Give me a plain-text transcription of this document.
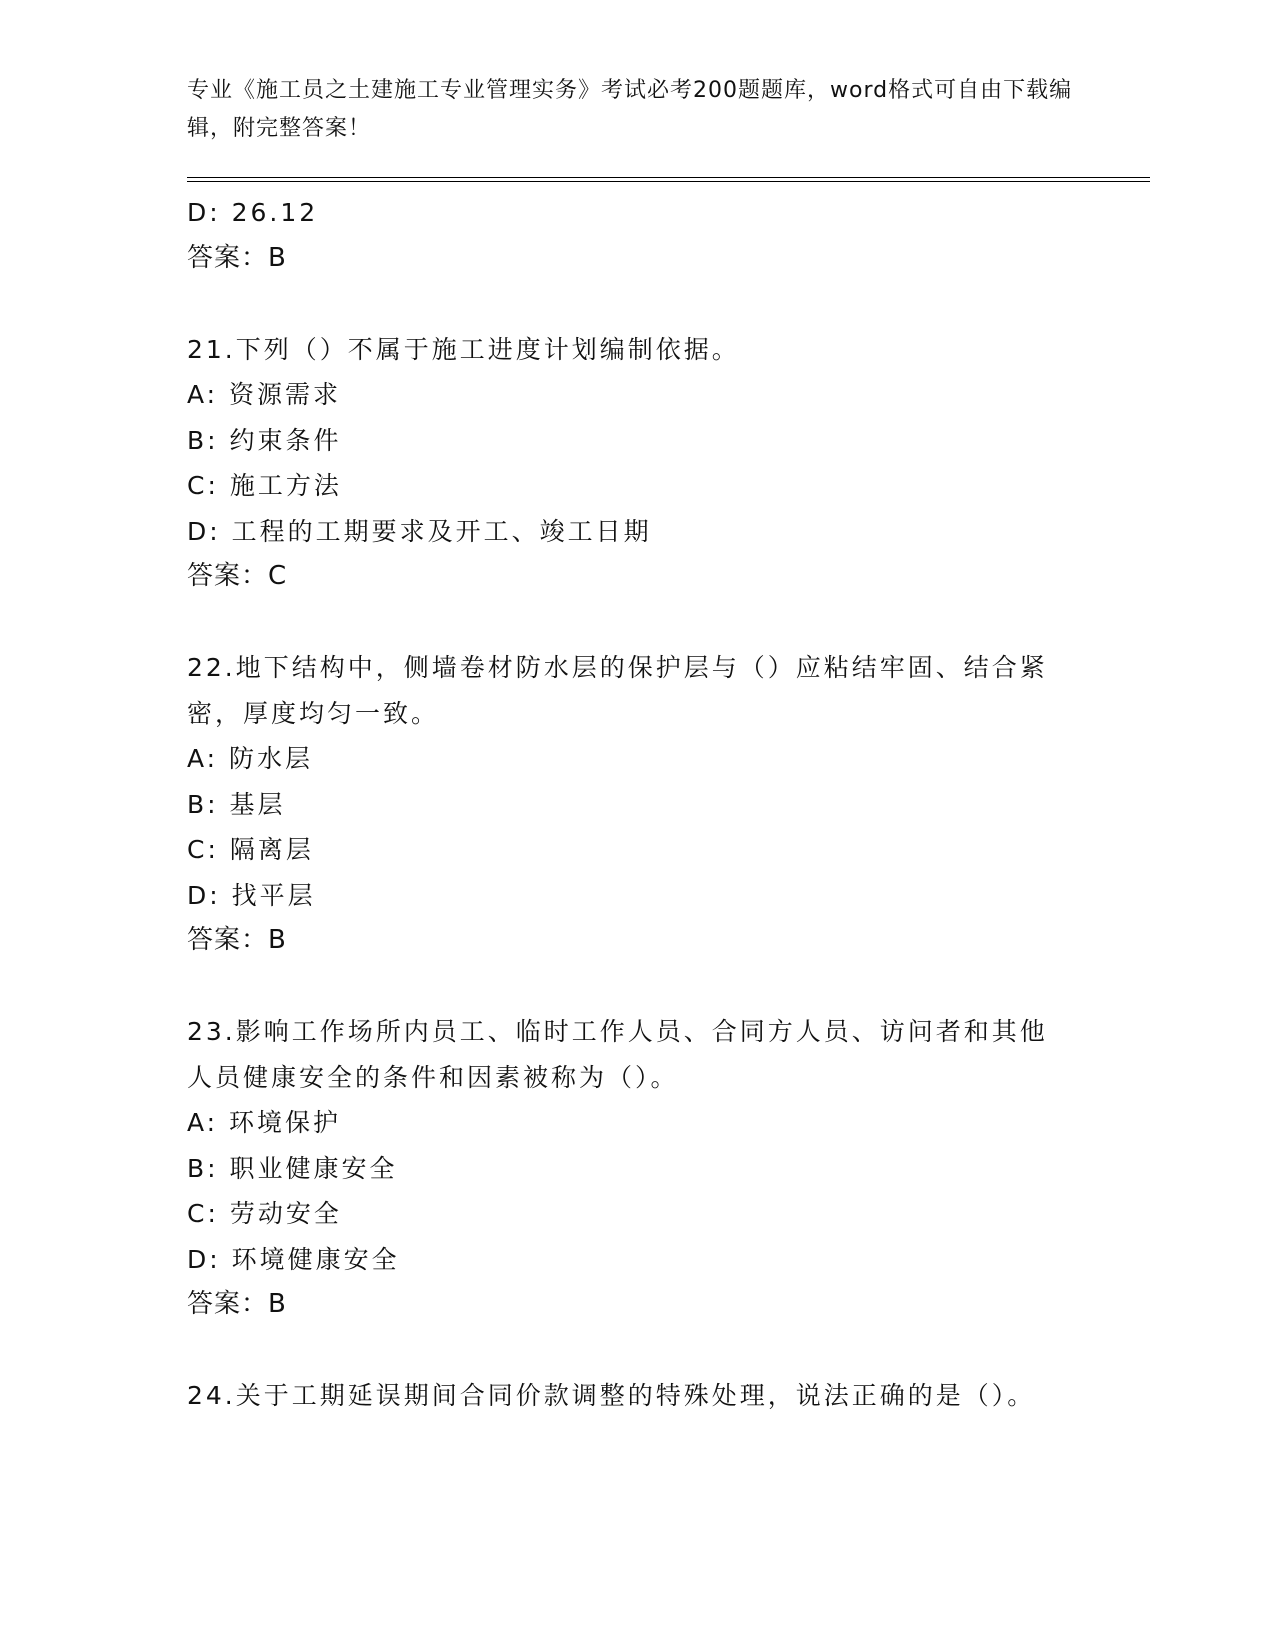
专业《施工员之土建施工专业管理实务》考试必考200题题库，word格式可自由下载编辑，附完整答案！
D: 26.12
答案：B
21.下列（）不属于施工进度计划编制依据。
A: 资源需求
B: 约束条件
C: 施工方法
D: 工程的工期要求及开工、竣工日期
答案：C
22.地下结构中，侧墙卷材防水层的保护层与（）应粘结牢固、结合紧
密，厚度均匀一致。
A: 防水层
B: 基层
C: 隔离层
D: 找平层
答案：B
23.影响工作场所内员工、临时工作人员、合同方人员、访问者和其他
人员健康安全的条件和因素被称为（）。
A: 环境保护
B: 职业健康安全
C: 劳动安全
D: 环境健康安全
答案：B
24.关于工期延误期间合同价款调整的特殊处理，说法正确的是（）。
